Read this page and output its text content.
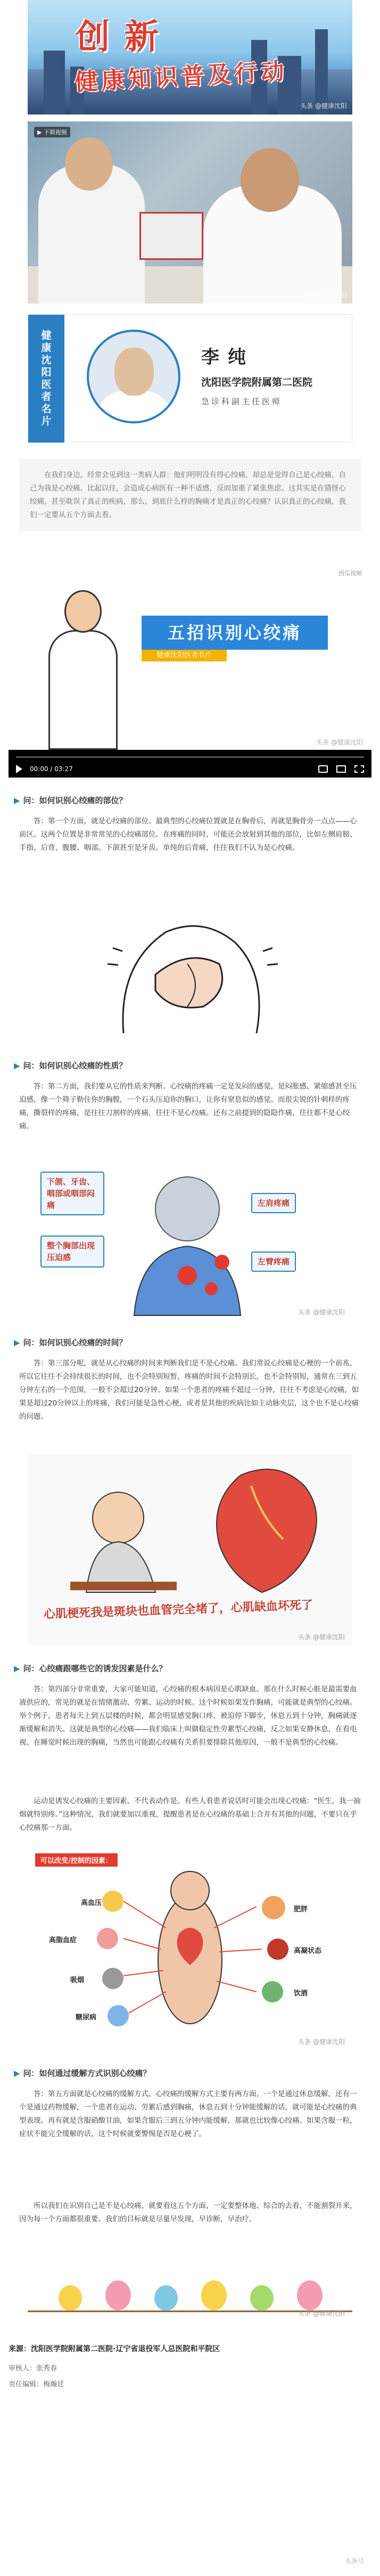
创新
健康知识普及行动
头条 @健康沈阳
▶ 下载视频
头条 @健康沈阳
健康沈阳医者名片
李纯
沈阳医学院附属第二医院
急诊科副主任医师
在我们身边，经常会见到这一类病人群：他们明明没有得心绞痛，却总是觉得自己是心绞痛，自己为我是心绞痛。比起以往，会造成心病医有一种不适感，反而加重了紧张焦虑。这其实是在错怪心绞痛，甚至耽误了真正的疾病，那么，到底什么样的胸痛才是真正的心绞痛？认识真正的心绞痛，我们一定要从五个方面去看。
五招识别心绞痛
健康沈阳医者名片
西瓜视频
头条 @健康沈阳
00:00 / 03:27
▶ 问：如何识别心绞痛的部位？
答：第一个方面，就是心绞痛的部位。最典型的心绞痛位置就是在胸骨后，再就是胸骨旁一点点——心前区。这两个位置是非常常见的心绞痛部位。在疼痛的同时，可能还会放射到其他的部位，比如左侧肩膀、手指、后背、腹腰、咽部。下颌甚至是牙齿。单纯的后背痛，往往我们不认为是心绞痛。
▶ 问：如何识别心绞痛的性质？
答：第二方面，我们要从它的性质来判断。心绞痛的疼痛一定是发闷的感觉，是闷胀感、紧缩感甚至压迫感，像一个筛子勒住你的胸膛，一个石头压迫你的胸口，让你有窒息似的感觉。而很尖锐的针刺样的疼痛，撕裂样的疼痛，是往往刀割样的疼痛，往往不是心绞痛。还有之前提到的隐隐作痛，往往都不是心绞痛。
下颌、牙齿、咽部或咽部闷痛	左肩疼痛
整个胸部出现压迫感	左臂疼痛
头条 @健康沈阳
▶ 问：如何识别心绞痛的时间？
答：第三部分呢，就是从心绞痛的时间来判断我们是不是心绞痛。我们常说心绞痛是心梗的一个前兆，所以它往往不会持续很长的时间，也不会特别短暂，疼痛的时间不会特别长，也不会特别短，通常在三到五分钟左右的一个范围，一般不会超过20分钟。如果一个患者的疼痛不超过一分钟，往往不考虑是心绞痛，如果是超过20分钟以上的疼痛，我们可能是急性心梗，或者是其他的疾病比如主动脉夹层，这个也不是心绞痛的问题。
心肌梗死我是斑块也血管完全堵了，心肌缺血坏死了
头条 @健康沈阳
▶ 问：心绞痛跟哪些它的诱发因素是什么？
答：第四部分非常重要，大家可能知道，心绞痛的根本病因是心肌缺血。那在什么时候心脏是最需要血液供应的，常见的就是在情绪激动、劳累、运动的时候。这个时候如果发作胸痛，可能就是典型的心绞痛。举个例子，患者每天上到五层楼的时候，都会明显感觉胸口疼，被迫停下脚步，休息五到十分钟，胸痛就逐渐缓解和消失。这就是典型的心绞痛——我们临床上叫做稳定性劳累型心绞痛，反之如果安静休息，在看电视、在睡觉时候出现的胸痛，当然也可能跟心绞痛有关系但要排除其他原因，一般不是典型的心绞痛。
运动是诱发心绞痛的主要因素，不代表动作是。有些人看患者说话时可能会出现心绞痛：“医生，我一抽烟就特别疼。”这种情况，我们就要加以重视，提醒患者是在心绞痛的基础上合并有其他的问题，不要只在乎心绞痛那一方面。
可以改变/控制的因素：
高血压
肥胖
高脂血症
高凝状态
吸烟
饮酒
糖尿病
头条 @健康沈阳
▶ 问：如何通过缓解方式识别心绞痛？
答：第五方面就是心绞痛的缓解方式。心绞痛的缓解方式主要有两方面，一个是通过休息缓解，还有一个是通过药物缓解，一个患者在运动、劳累后感到胸痛，休息五到十分钟能缓解的话，就可能是心绞痛的典型表现。再有就是含服硝酸甘油，如果含服后三到五分钟内能缓解，那就也比较像心绞痛。如果含服一粒，症状不能完全缓解的话，这个时候就要警惕是否是心梗了。
所以我们在识别自己是不是心绞痛，就要看这五个方面，一定要整体地、综合的去看，不能割裂开来，因为每一个方面都很重要。我们的目标就是尽量早发现，早诊断，早治疗。
头条 @健康沈阳
来源：沈阳医学院附属第二医院·辽宁省退役军人总医院和平院区
审核人：张秀春
责任编辑：梅瀚廷
头条号
